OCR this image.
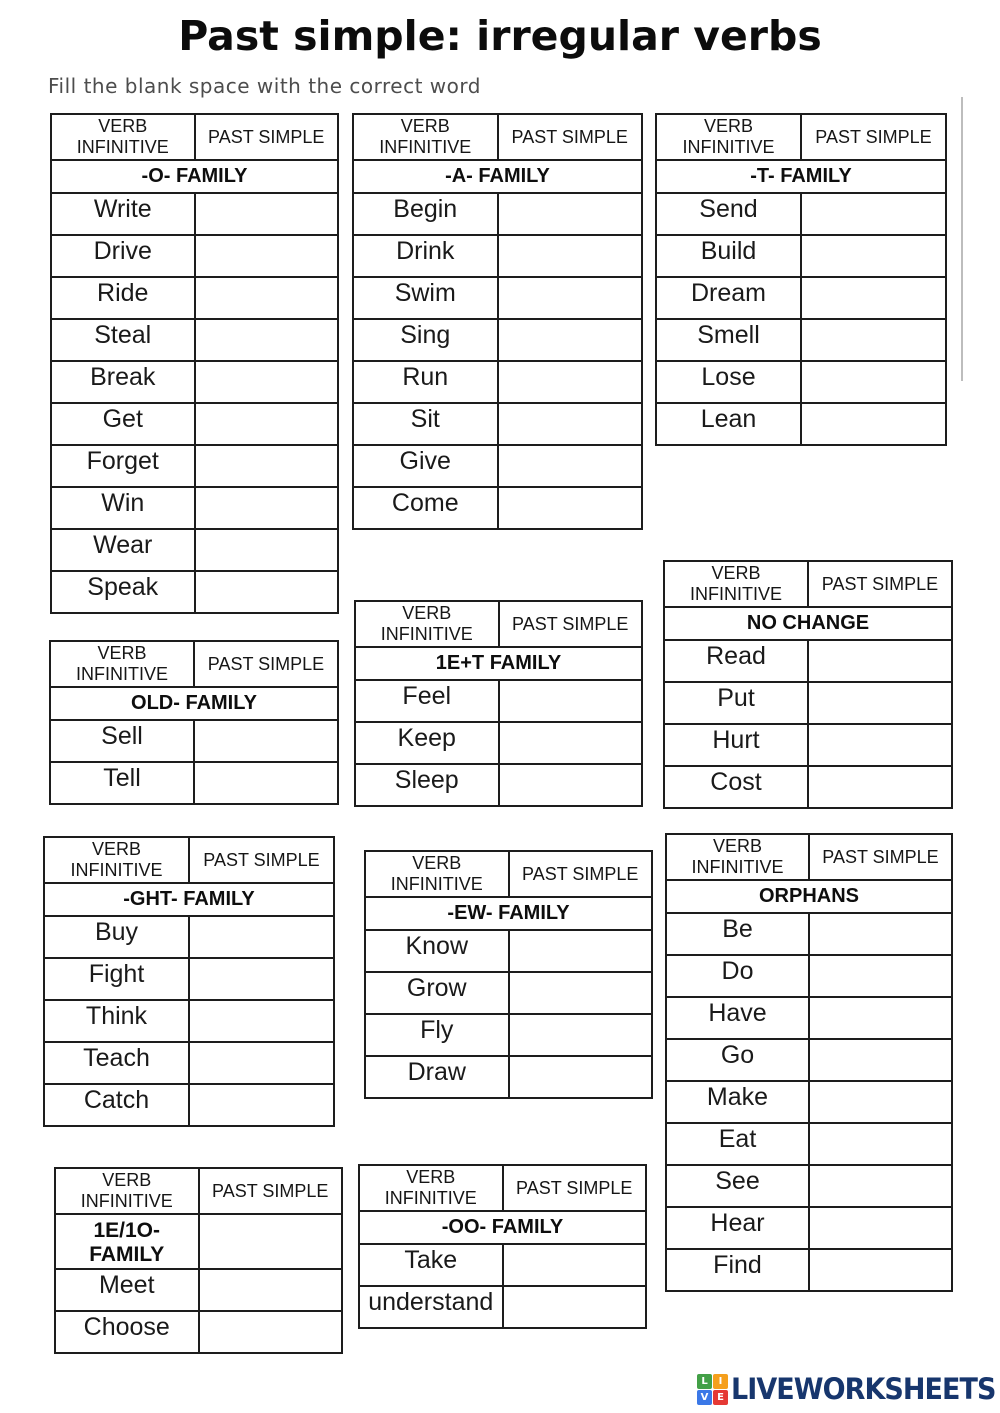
Past simple: irregular verbs
Fill the blank space with the correct word
VERB INFINITIVE	PAST SIMPLE
-O- FAMILY	
Write	
Drive	
Ride	
Steal	
Break	
Get	
Forget	
Win	
Wear	
Speak	
VERB INFINITIVE	PAST SIMPLE
-A- FAMILY	
Begin	
Drink	
Swim	
Sing	
Run	
Sit	
Give	
Come	
VERB INFINITIVE	PAST SIMPLE
-T- FAMILY	
Send	
Build	
Dream	
Smell	
Lose	
Lean	
VERB INFINITIVE	PAST SIMPLE
OLD- FAMILY	
Sell	
Tell	
VERB INFINITIVE	PAST SIMPLE
1E+T FAMILY	
Feel	
Keep	
Sleep	
VERB INFINITIVE	PAST SIMPLE
NO CHANGE	
Read	
Put	
Hurt	
Cost	
VERB INFINITIVE	PAST SIMPLE
-GHT- FAMILY	
Buy	
Fight	
Think	
Teach	
Catch	
VERB INFINITIVE	PAST SIMPLE
-EW- FAMILY	
Know	
Grow	
Fly	
Draw	
VERB INFINITIVE	PAST SIMPLE
ORPHANS	
Be	
Do	
Have	
Go	
Make	
Eat	
See	
Hear	
Find	
VERB INFINITIVE	PAST SIMPLE
1E/1O- FAMILY	
Meet	
Choose	
VERB INFINITIVE	PAST SIMPLE
-OO- FAMILY	
Take	
understand	
L	I
V E LIVEWORKSHEETS
